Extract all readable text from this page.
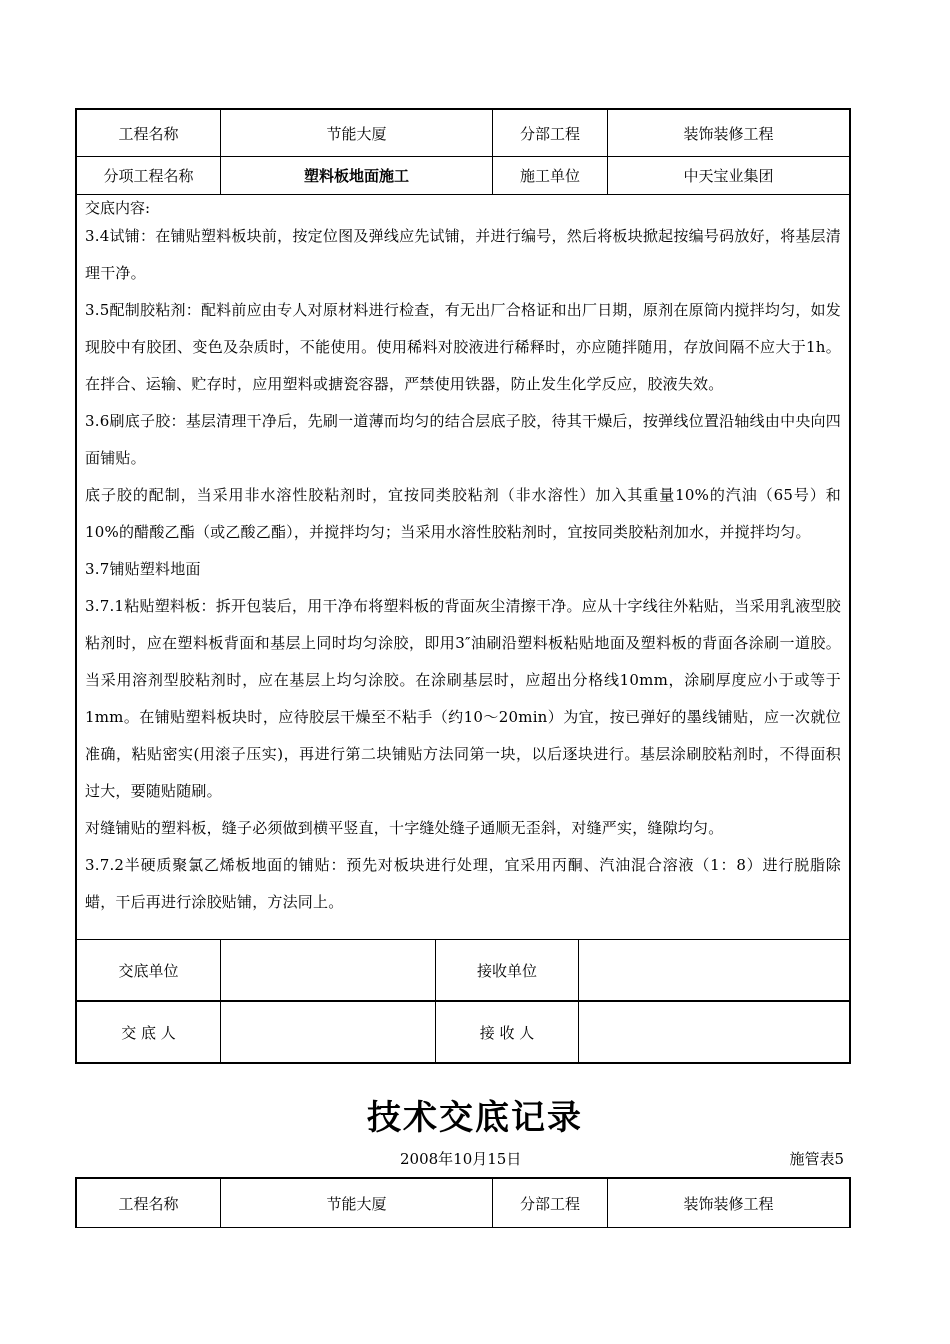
工程名称	节能大厦	分部工程	装饰装修工程
分项工程名称	塑料板地面施工	施工单位	中天宝业集团
交底内容:

3.4试铺：在铺贴塑料板块前，按定位图及弹线应先试铺，并进行编号，然后将板块掀起按编号码放好，将基层清理干净。

3.5配制胶粘剂：配料前应由专人对原材料进行检查，有无出厂合格证和出厂日期，原剂在原筒内搅拌均匀，如发现胶中有胶团、变色及杂质时，不能使用。使用稀料对胶液进行稀释时，亦应随拌随用，存放间隔不应大于1h。在拌合、运输、贮存时，应用塑料或搪瓷容器，严禁使用铁器，防止发生化学反应，胶液失效。

3.6刷底子胶：基层清理干净后，先刷一道薄而均匀的结合层底子胶，待其干燥后，按弹线位置沿轴线由中央向四面铺贴。

底子胶的配制，当采用非水溶性胶粘剂时，宜按同类胶粘剂（非水溶性）加入其重量10%的汽油（65号）和10%的醋酸乙酯（或乙酸乙酯），并搅拌均匀；当采用水溶性胶粘剂时，宜按同类胶粘剂加水，并搅拌均匀。

3.7铺贴塑料地面

3.7.1粘贴塑料板：拆开包装后，用干净布将塑料板的背面灰尘清擦干净。应从十字线往外粘贴，当采用乳液型胶粘剂时，应在塑料板背面和基层上同时均匀涂胶，即用3″油刷沿塑料板粘贴地面及塑料板的背面各涂刷一道胶。当采用溶剂型胶粘剂时，应在基层上均匀涂胶。在涂刷基层时，应超出分格线10mm，涂刷厚度应小于或等于1mm。在铺贴塑料板块时，应待胶层干燥至不粘手（约10～20min）为宜，按已弹好的墨线铺贴，应一次就位准确，粘贴密实(用滚子压实)，再进行第二块铺贴方法同第一块，以后逐块进行。基层涂刷胶粘剂时，不得面积过大，要随贴随刷。

对缝铺贴的塑料板，缝子必须做到横平竖直，十字缝处缝子通顺无歪斜，对缝严实，缝隙均匀。

3.7.2半硬质聚氯乙烯板地面的铺贴：预先对板块进行处理，宜采用丙酮、汽油混合溶液（1：8）进行脱脂除蜡，干后再进行涂胶贴铺，方法同上。

交底单位	接收单位
交 底 人	接 收 人
技术交底记录
2008年10月15日	施管表5
工程名称	节能大厦	分部工程	装饰装修工程
